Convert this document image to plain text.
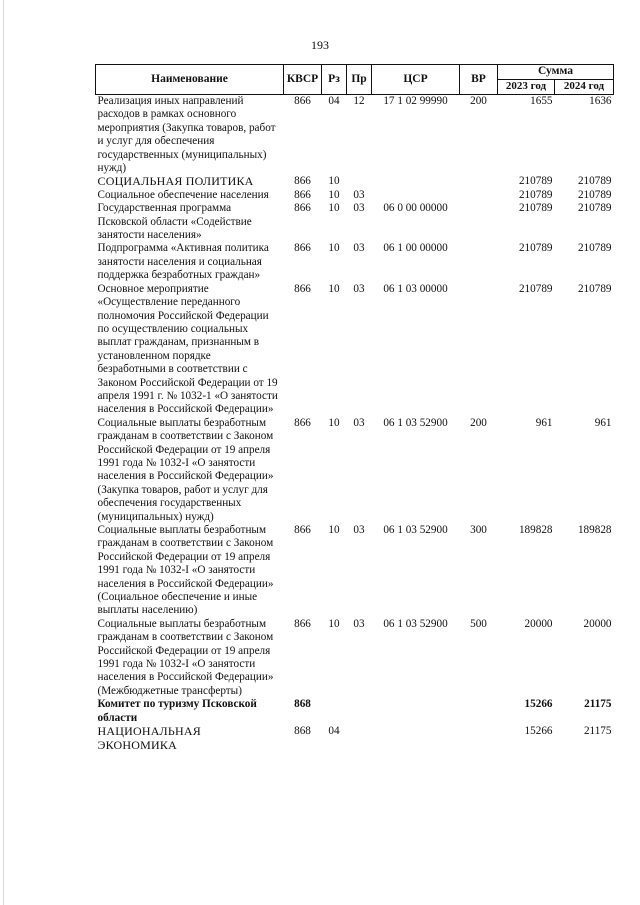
193
Наименование	КВСР	Рз	Пр	ЦСР	ВР	Сумма	
						2023 год	2024 год
Реализация иных направлений расходов в рамках основного мероприятия (Закупка товаров, работ и услуг для обеспечения государственных (муниципальных) нужд)	866	04	12	17 1 02 99990	200	1655	1636
СОЦИАЛЬНАЯ ПОЛИТИКА	866	10				210789	210789
Социальное обеспечение населения	866	10	03			210789	210789
Государственная программа Псковской области «Содействие занятости населения»	866	10	03	06 0 00 00000		210789	210789
Подпрограмма «Активная политика занятости населения и социальная поддержка безработных граждан»	866	10	03	06 1 00 00000		210789	210789
Основное мероприятие «Осуществление переданного полномочия Российской Федерации по осуществлению социальных выплат гражданам, признанным в установленном порядке безработными в соответствии с Законом Российской Федерации от 19 апреля 1991 г. № 1032-1 «О занятости населения в Российской Федерации»	866	10	03	06 1 03 00000		210789	210789
Социальные выплаты безработным гражданам в соответствии с Законом Российской Федерации от 19 апреля 1991 года № 1032-I «О занятости населения в Российской Федерации» (Закупка товаров, работ и услуг для обеспечения государственных (муниципальных) нужд)	866	10	03	06 1 03 52900	200	961	961
Социальные выплаты безработным гражданам в соответствии с Законом Российской Федерации от 19 апреля 1991 года № 1032-I «О занятости населения в Российской Федерации» (Социальное обеспечение и иные выплаты населению)	866	10	03	06 1 03 52900	300	189828	189828
Социальные выплаты безработным гражданам в соответствии с Законом Российской Федерации от 19 апреля 1991 года № 1032-I «О занятости населения в Российской Федерации» (Межбюджетные трансферты)	866	10	03	06 1 03 52900	500	20000	20000
Комитет по туризму Псковской области	868					15266	21175
НАЦИОНАЛЬНАЯ ЭКОНОМИКА	868	04				15266	21175
